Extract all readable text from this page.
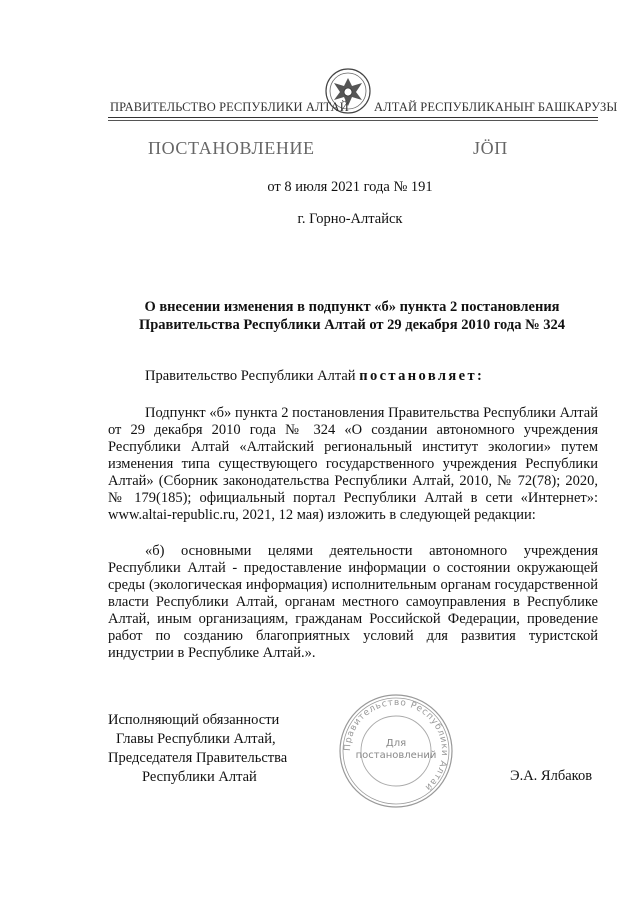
ПРАВИТЕЛЬСТВО РЕСПУБЛИКИ АЛТАЙ АЛТАЙ РЕСПУБЛИКАНЫҤ БАШКАРУЗЫ
ПОСТАНОВЛЕНИЕ	JÖП
от 8 июля 2021 года № 191
г. Горно-Алтайск
О внесении изменения в подпункт «б» пункта 2 постановления Правительства Республики Алтай от 29 декабря 2010 года № 324
Правительство Республики Алтай постановляет:
Подпункт «б» пункта 2 постановления Правительства Республики Алтай от 29 декабря 2010 года № 324 «О создании автономного учреждения Республики Алтай «Алтайский региональный институт экологии» путем изменения типа существующего государственного учреждения Республики Алтай» (Сборник законодательства Республики Алтай, 2010, № 72(78); 2020, № 179(185); официальный портал Республики Алтай в сети «Интернет»: www.altai-republic.ru, 2021, 12 мая) изложить в следующей редакции:
«б) основными целями деятельности автономного учреждения Республики Алтай - предоставление информации о состоянии окружающей среды (экологическая информация) исполнительным органам государственной власти Республики Алтай, органам местного самоуправления в Республике Алтай, иным организациям, гражданам Российской Федерации, проведение работ по созданию благоприятных условий для развития туристской индустрии в Республике Алтай.».
Исполняющий обязанности
Главы Республики Алтай,
Председателя Правительства
Республики Алтай	Э.А. Ялбаков
Правительство Республики Алтай
Для
постановлений
